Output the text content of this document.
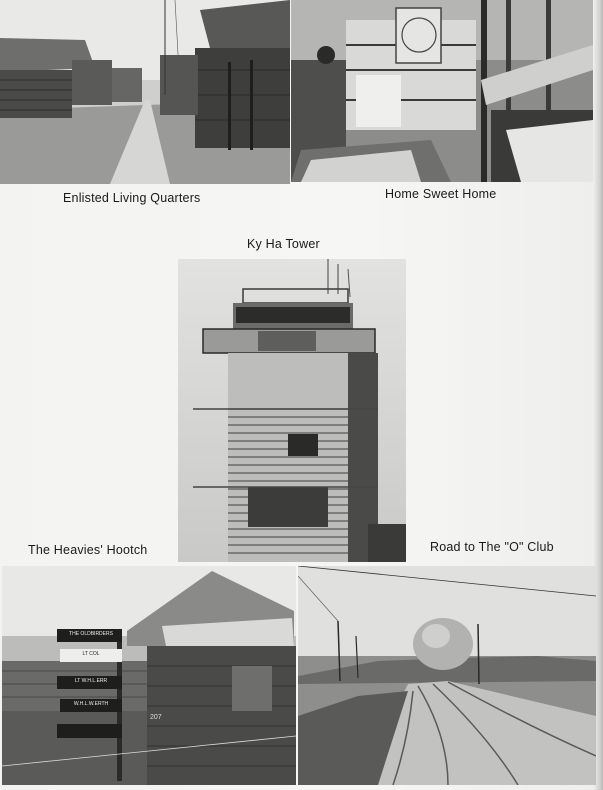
Enlisted Living Quarters	Home Sweet Home
Ky Ha Tower
The Heavies' Hootch	Road to The "O" Club
THE OLDBIRDERS
LT COL
LT W.H.L.ERR
W.H.L.W.ERTH
207
